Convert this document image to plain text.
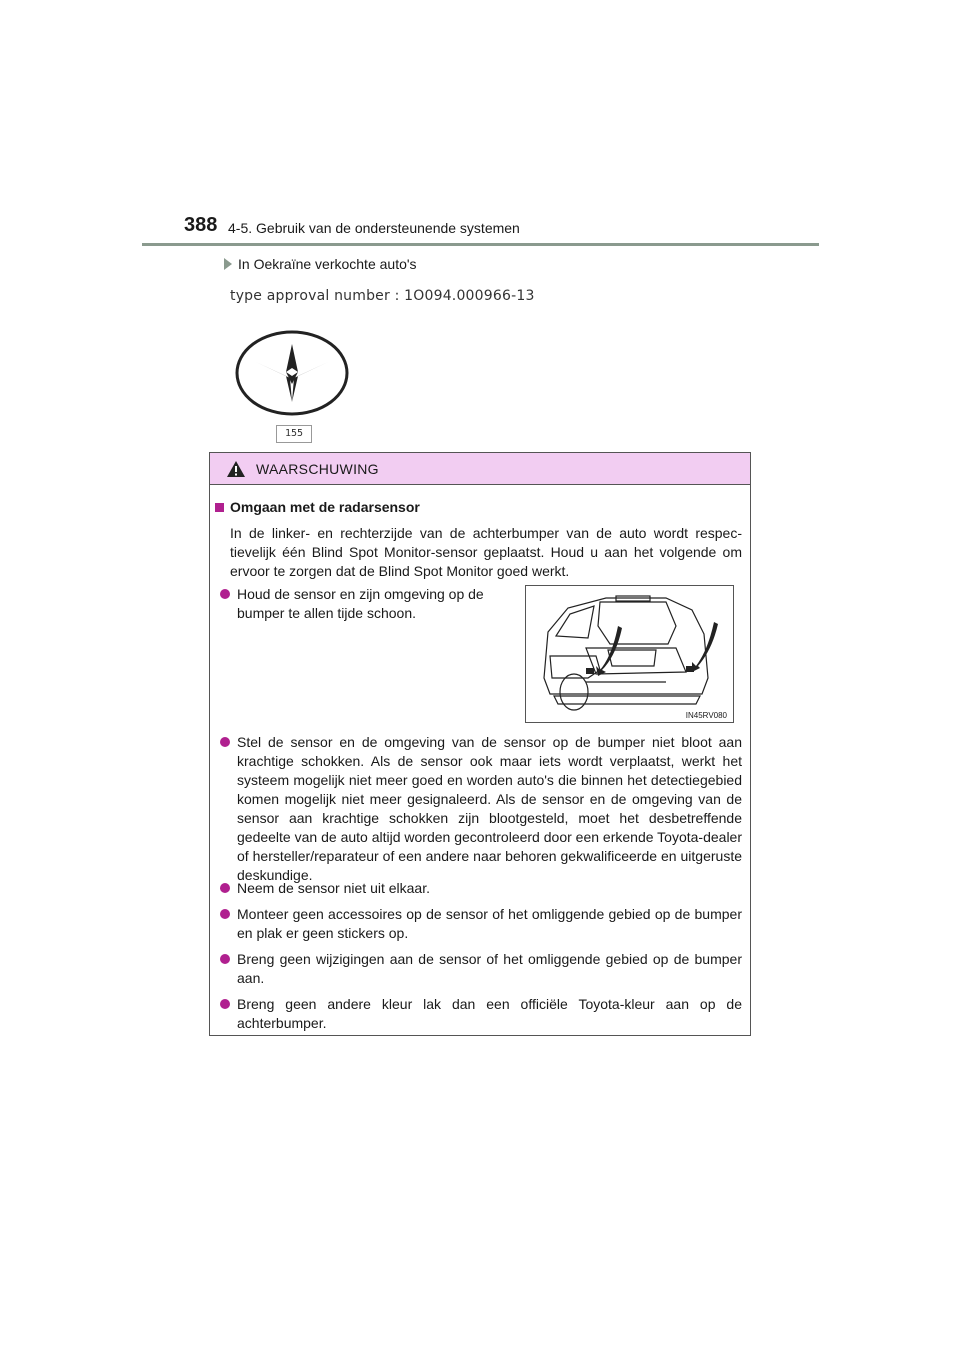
388 4-5. Gebruik van de ondersteunende systemen
In Oekraïne verkochte auto's
type approval number : 1O094.000966-13
155
WAARSCHUWING
Omgaan met de radarsensor
In de linker- en rechterzijde van de achterbumper van de auto wordt respec-tievelijk één Blind Spot Monitor-sensor geplaatst. Houd u aan het volgende om ervoor te zorgen dat de Blind Spot Monitor goed werkt.
Houd de sensor en zijn omgeving op de bumper te allen tijde schoon.
IN45RV080
Stel de sensor en de omgeving van de sensor op de bumper niet bloot aan krachtige schokken. Als de sensor ook maar iets wordt verplaatst, werkt het systeem mogelijk niet meer goed en worden auto's die binnen het detectiegebied komen mogelijk niet meer gesignaleerd. Als de sensor en de omgeving van de sensor aan krachtige schokken zijn blootgesteld, moet het desbetreffende gedeelte van de auto altijd worden gecontroleerd door een erkende Toyota-dealer of hersteller/reparateur of een andere naar behoren gekwalificeerde en uitgeruste deskundige.
Neem de sensor niet uit elkaar.
Monteer geen accessoires op de sensor of het omliggende gebied op de bumper en plak er geen stickers op.
Breng geen wijzigingen aan de sensor of het omliggende gebied op de bumper aan.
Breng geen andere kleur lak dan een officiële Toyota-kleur aan op de achterbumper.
